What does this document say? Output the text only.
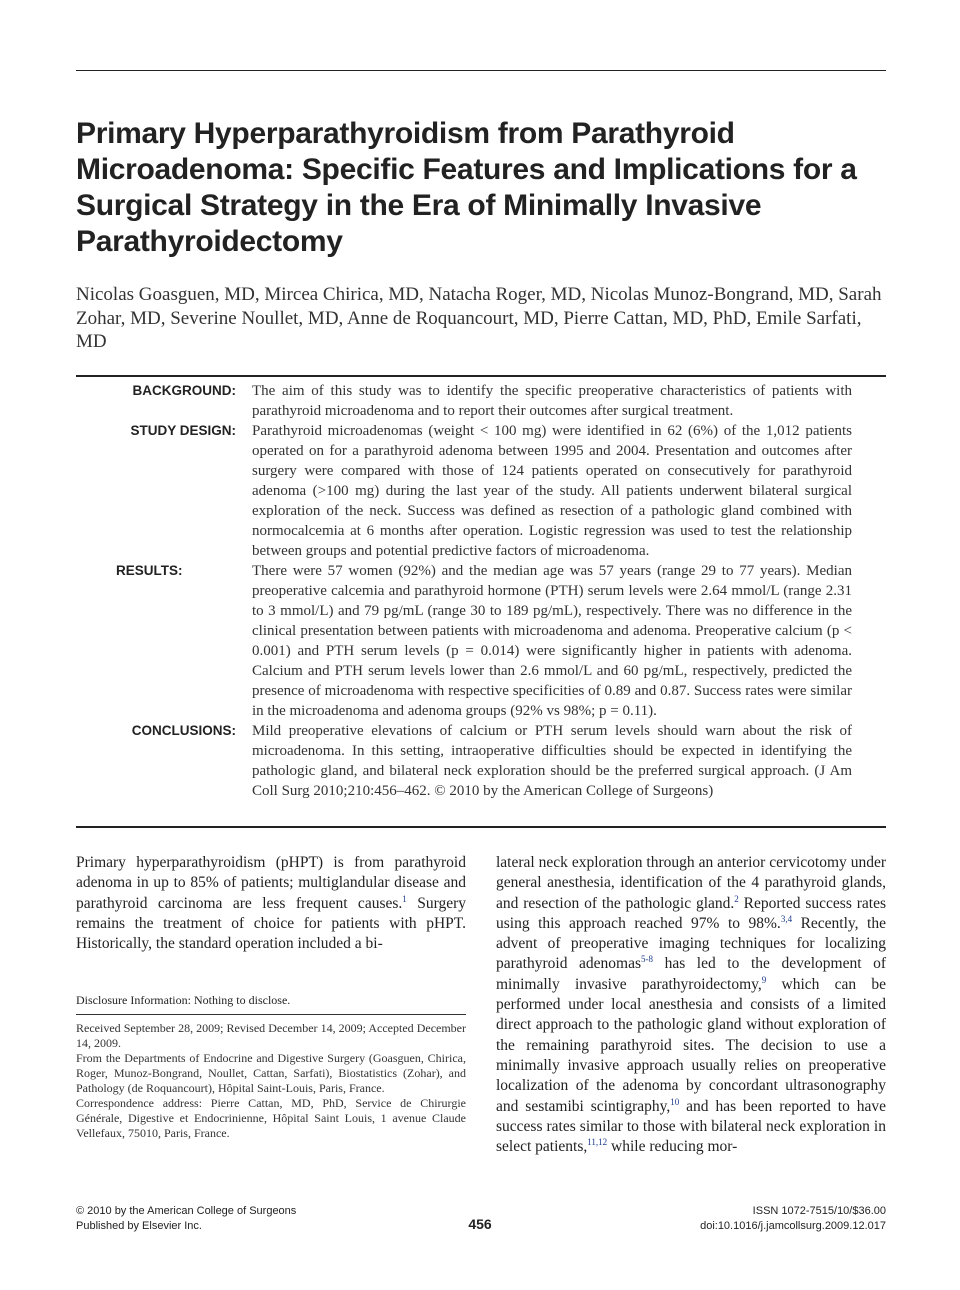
Primary Hyperparathyroidism from Parathyroid Microadenoma: Specific Features and Implications for a Surgical Strategy in the Era of Minimally Invasive Parathyroidectomy

Nicolas Goasguen, MD, Mircea Chirica, MD, Natacha Roger, MD, Nicolas Munoz-Bongrand, MD, Sarah Zohar, MD, Severine Noullet, MD, Anne de Roquancourt, MD, Pierre Cattan, MD, PhD, Emile Sarfati, MD

BACKGROUND: The aim of this study was to identify the specific preoperative characteristics of patients with parathyroid microadenoma and to report their outcomes after surgical treatment.
STUDY DESIGN: Parathyroid microadenomas (weight < 100 mg) were identified in 62 (6%) of the 1,012 patients operated on for a parathyroid adenoma between 1995 and 2004. Presentation and outcomes after surgery were compared with those of 124 patients operated on consecutively for parathyroid adenoma (>100 mg) during the last year of the study. All patients underwent bilateral surgical exploration of the neck. Success was defined as resection of a pathologic gland combined with normocalcemia at 6 months after operation. Logistic regression was used to test the relationship between groups and potential predictive factors of microadenoma.
RESULTS:	There were 57 women (92%) and the median age was 57 years (range 29 to 77 years). Median preoperative calcemia and parathyroid hormone (PTH) serum levels were 2.64 mmol/L (range 2.31 to 3 mmol/L) and 79 pg/mL (range 30 to 189 pg/mL), respectively. There was no difference in the clinical presentation between patients with microadenoma and adenoma. Preoperative calcium (p < 0.001) and PTH serum levels (p = 0.014) were significantly higher in patients with adenoma. Calcium and PTH serum levels lower than 2.6 mmol/L and 60 pg/mL, respectively, predicted the presence of microadenoma with respective specificities of 0.89 and 0.87. Success rates were similar in the microadenoma and adenoma groups (92% vs 98%; p = 0.11).
CONCLUSIONS: Mild preoperative elevations of calcium or PTH serum levels should warn about the risk of microadenoma. In this setting, intraoperative difficulties should be expected in identifying the pathologic gland, and bilateral neck exploration should be the preferred surgical approach. (J Am Coll Surg 2010;210:456–462. © 2010 by the American College of Surgeons)

Primary hyperparathyroidism (pHPT) is from parathyroid adenoma in up to 85% of patients; multiglandular disease and parathyroid carcinoma are less frequent causes.$^1$ Surgery remains the treatment of choice for patients with pHPT. Historically, the standard operation included a bi-

Disclosure Information: Nothing to disclose.

Received September 28, 2009; Revised December 14, 2009; Accepted December 14, 2009.

From the Departments of Endocrine and Digestive Surgery (Goasguen, Chirica, Roger, Munoz-Bongrand, Noullet, Cattan, Sarfati), Biostatistics (Zohar), and Pathology (de Roquancourt), Hôpital Saint-Louis, Paris, France.

Correspondence address: Pierre Cattan, MD, PhD, Service de Chirurgie Générale, Digestive et Endocrinienne, Hôpital Saint Louis, 1 avenue Claude Vellefaux, 75010, Paris, France.

lateral neck exploration through an anterior cervicotomy under general anesthesia, identification of the 4 parathyroid glands, and resection of the pathologic gland.$^2$ Reported success rates using this approach reached 97% to 98%.$^{3,4}$ Recently, the advent of preoperative imaging techniques for localizing parathyroid adenomas$^{5-8}$ has led to the development of minimally invasive parathyroidectomy,$^9$ which can be performed under local anesthesia and consists of a limited direct approach to the pathologic gland without exploration of the remaining parathyroid sites. The decision to use a minimally invasive approach usually relies on preoperative localization of the adenoma by concordant ultrasonography and sestamibi scintigraphy,$^{10}$ and has been reported to have success rates similar to those with bilateral neck exploration in select patients,$^{11,12}$ while reducing mor-

© 2010 by the American College of Surgeons
Published by Elsevier Inc.	456
ISSN 1072-7515/10/$36.00
doi:10.1016/j.jamcollsurg.2009.12.017
